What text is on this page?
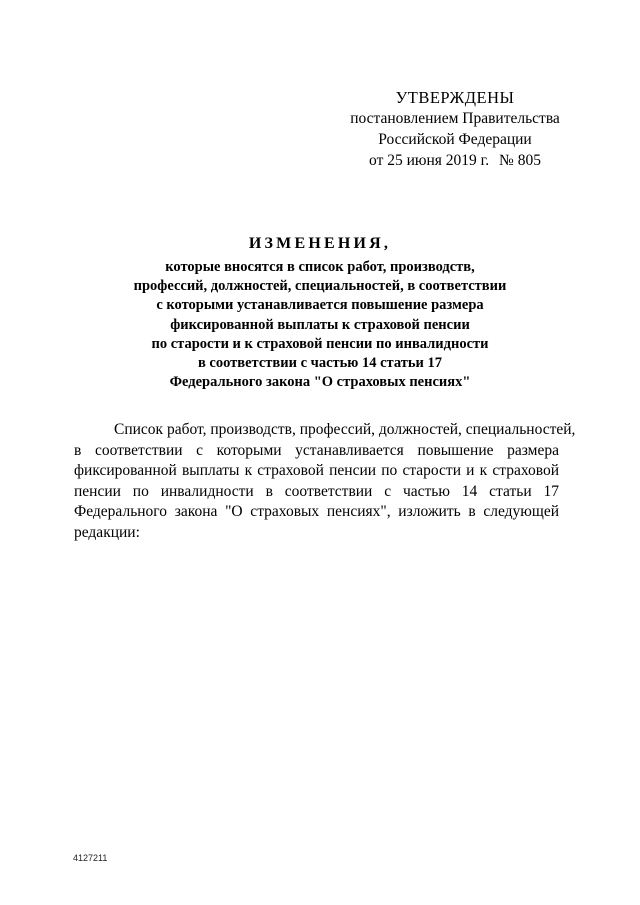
УТВЕРЖДЕНЫ
постановлением Правительства
Российской Федерации
от 25 июня 2019 г. № 805
ИЗМЕНЕНИЯ,
которые вносятся в список работ, производств,
профессий, должностей, специальностей, в соответствии
с которыми устанавливается повышение размера
фиксированной выплаты к страховой пенсии
по старости и к страховой пенсии по инвалидности
в соответствии с частью 14 статьи 17
Федерального закона "О страховых пенсиях"
Список работ, производств, профессий, должностей, специальностей,
в соответствии с которыми устанавливается повышение размера
фиксированной выплаты к страховой пенсии по старости и к страховой
пенсии по инвалидности в соответствии с частью 14 статьи 17
Федерального закона "О страховых пенсиях", изложить в следующей
редакции:
4127211
